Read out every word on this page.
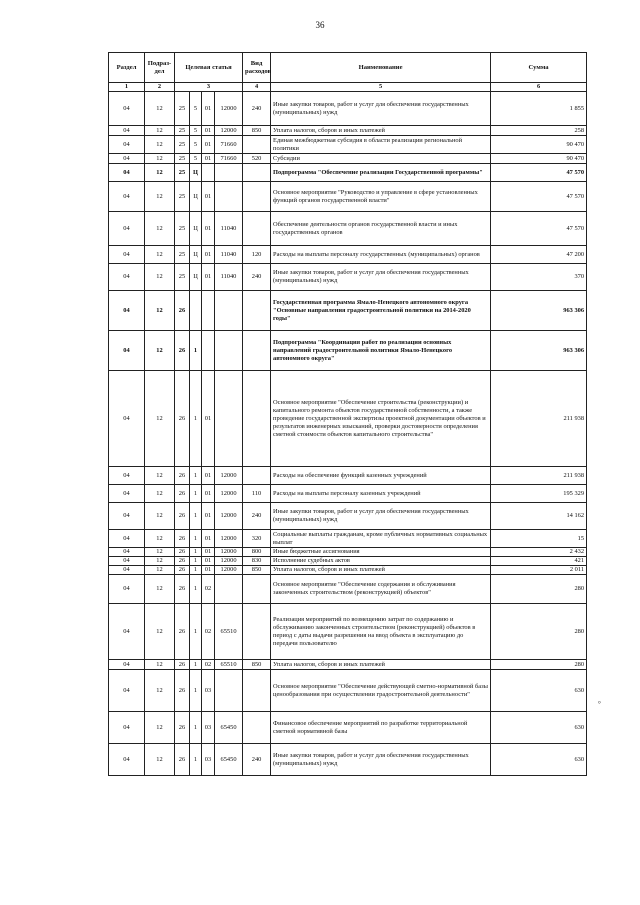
36
Раздел	Подраз-дел	Целевая статья				Вид расходов	Наименование	Сумма
1	2	3				4	5	6
04	12	25	5	01	12000	240	Иные закупки товаров, работ и услуг для обеспечения государственных (муниципальных) нужд	1 855
04	12	25	5	01	12000	850	Уплата налогов, сборов и иных платежей	258
04	12	25	5	01	71660		Единая межбюджетная субсидия в области реализации региональной политики	90 470
04	12	25	5	01	71660	520	Субсидии	90 470
04	12	25	Ц				Подпрограмма "Обеспечение реализации Государственной программы"	47 570
04	12	25	Ц	01			Основное мероприятие "Руководство и управление в сфере установленных функций органов государственной власти"	47 570
04	12	25	Ц	01	11040		Обеспечение деятельности органов государственной власти и иных государственных органов	47 570
04	12	25	Ц	01	11040	120	Расходы на выплаты персоналу государственных (муниципальных) органов	47 200
04	12	25	Ц	01	11040	240	Иные закупки товаров, работ и услуг для обеспечения государственных (муниципальных) нужд	370
04	12	26					Государственная программа Ямало-Ненецкого автономного округа "Основные направления градостроительной политики на 2014-2020 годы"	963 306
04	12	26	1				Подпрограмма "Координация работ по реализации основных направлений градостроительной политики Ямало-Ненецкого автономного округа"	963 306
04	12	26	1	01			Основное мероприятие "Обеспечение строительства (реконструкции) и капитального ремонта объектов государственной собственности, а также проведение государственной экспертизы проектной документации объектов и результатов инженерных изысканий, проверки достоверности определения сметной стоимости объектов капитального строительства"	211 938
04	12	26	1	01	12000		Расходы на обеспечение функций казенных учреждений	211 938
04	12	26	1	01	12000	110	Расходы на выплаты персоналу казенных учреждений	195 329
04	12	26	1	01	12000	240	Иные закупки товаров, работ и услуг для обеспечения государственных (муниципальных) нужд	14 162
04	12	26	1	01	12000	320	Социальные выплаты гражданам, кроме публичных нормативных социальных выплат	15
04	12	26	1	01	12000	800	Иные бюджетные ассигнования	2 432
04	12	26	1	01	12000	830	Исполнение судебных актов	421
04	12	26	1	01	12000	850	Уплата налогов, сборов и иных платежей	2 011
04	12	26	1	02			Основное мероприятие "Обеспечение содержания и обслуживания законченных строительством (реконструкцией) объектов"	280
04	12	26	1	02	65510		Реализация мероприятий по возмещению затрат по содержанию и обслуживанию законченных строительством (реконструкцией) объектов в период с даты выдачи разрешения на ввод объекта в эксплуатацию до передачи пользователю	280
04	12	26	1	02	65510	850	Уплата налогов, сборов и иных платежей	280
04	12	26	1	03			Основное мероприятие "Обеспечение действующей сметно-нормативной базы ценообразования при осуществлении градостроительной деятельности"	630
04	12	26	1	03	65450		Финансовое обеспечение мероприятий по разработке территориальной сметной нормативной базы	630
04	12	26	1	03	65450	240	Иные закупки товаров, работ и услуг для обеспечения государственных (муниципальных) нужд	630
°
